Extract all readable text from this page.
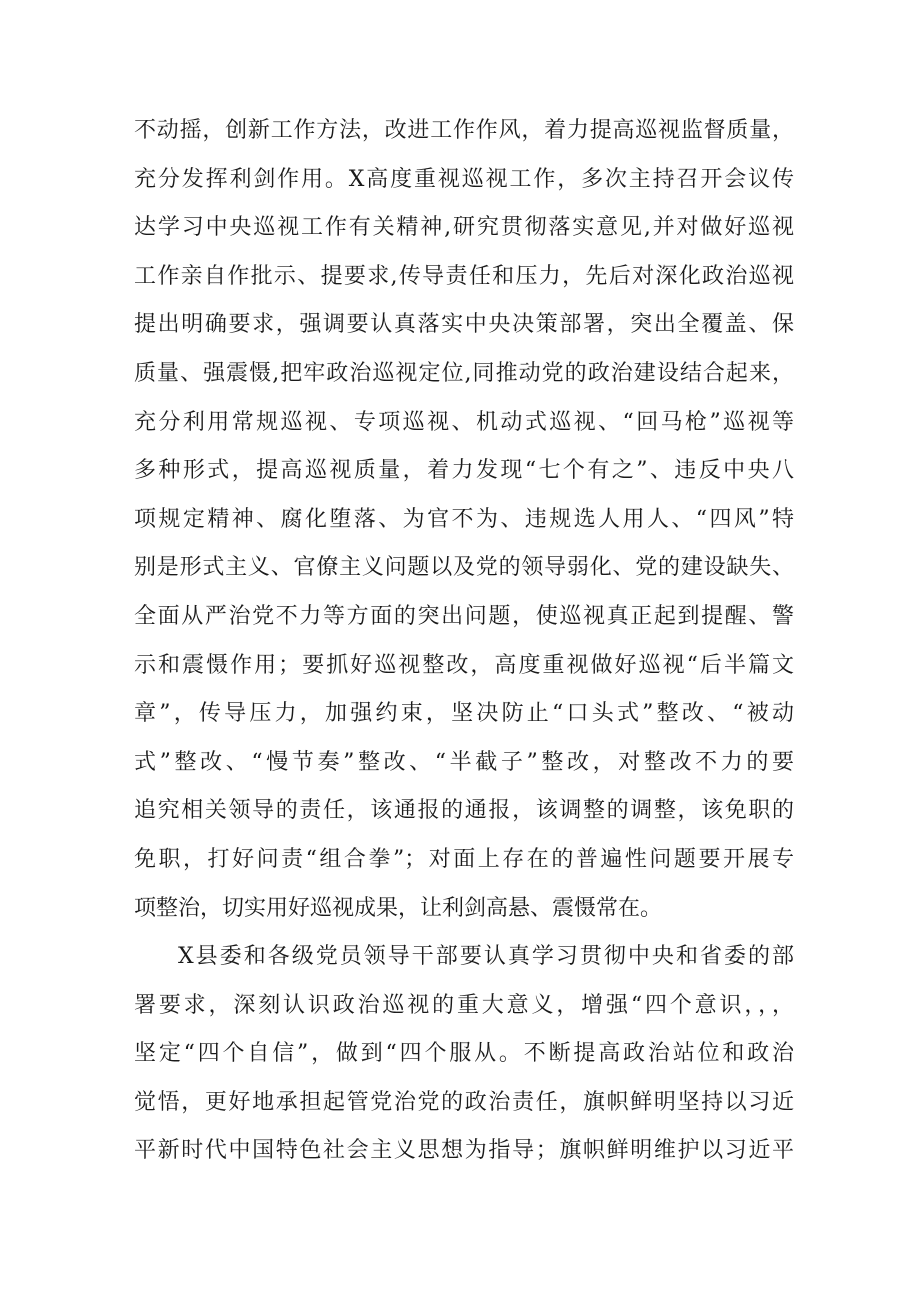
不动摇，创新工作方法，改进工作作风，着力提高巡视监督质量，
充分发挥利剑作用。X高度重视巡视工作，多次主持召开会议传
达学习中央巡视工作有关精神,研究贯彻落实意见,并对做好巡视
工作亲自作批示、提要求,传导责任和压力，先后对深化政治巡视
提出明确要求，强调要认真落实中央决策部署，突出全覆盖、保
质量、强震慑,把牢政治巡视定位,同推动党的政治建设结合起来，
充分利用常规巡视、专项巡视、机动式巡视、“回马枪”巡视等
多种形式，提高巡视质量，着力发现“七个有之”、违反中央八
项规定精神、腐化堕落、为官不为、违规选人用人、“四风”特
别是形式主义、官僚主义问题以及党的领导弱化、党的建设缺失、
全面从严治党不力等方面的突出问题，使巡视真正起到提醒、警
示和震慑作用；要抓好巡视整改，高度重视做好巡视“后半篇文
章”，传导压力，加强约束，坚决防止“口头式”整改、“被动
式”整改、“慢节奏”整改、“半截子”整改，对整改不力的要
追究相关领导的责任，该通报的通报，该调整的调整，该免职的
免职，打好问责“组合拳”；对面上存在的普遍性问题要开展专
项整治，切实用好巡视成果，让利剑高悬、震慑常在。
X县委和各级党员领导干部要认真学习贯彻中央和省委的部
署要求，深刻认识政治巡视的重大意义，增强“四个意识，，，
坚定“四个自信”，做到“四个服从。不断提高政治站位和政治
觉悟，更好地承担起管党治党的政治责任，旗帜鲜明坚持以习近
平新时代中国特色社会主义思想为指导；旗帜鲜明维护以习近平
